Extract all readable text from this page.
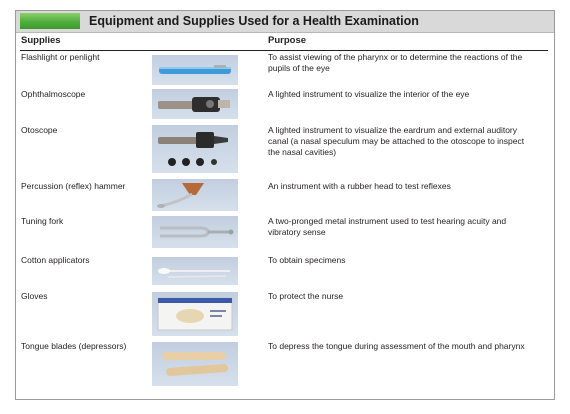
Equipment and Supplies Used for a Health Examination
Supplies	Purpose
Flashlight or penlight	To assist viewing of the pharynx or to determine the reactions of the pupils of the eye
Ophthalmoscope	A lighted instrument to visualize the interior of the eye
Otoscope	A lighted instrument to visualize the eardrum and external auditory canal (a nasal speculum may be attached to the otoscope to inspect the nasal cavities)
Percussion (reflex) hammer	An instrument with a rubber head to test reflexes
Tuning fork	A two-pronged metal instrument used to test hearing acuity and vibratory sense
Cotton applicators	To obtain specimens
Gloves	To protect the nurse
Tongue blades (depressors)	To depress the tongue during assessment of the mouth and pharynx
